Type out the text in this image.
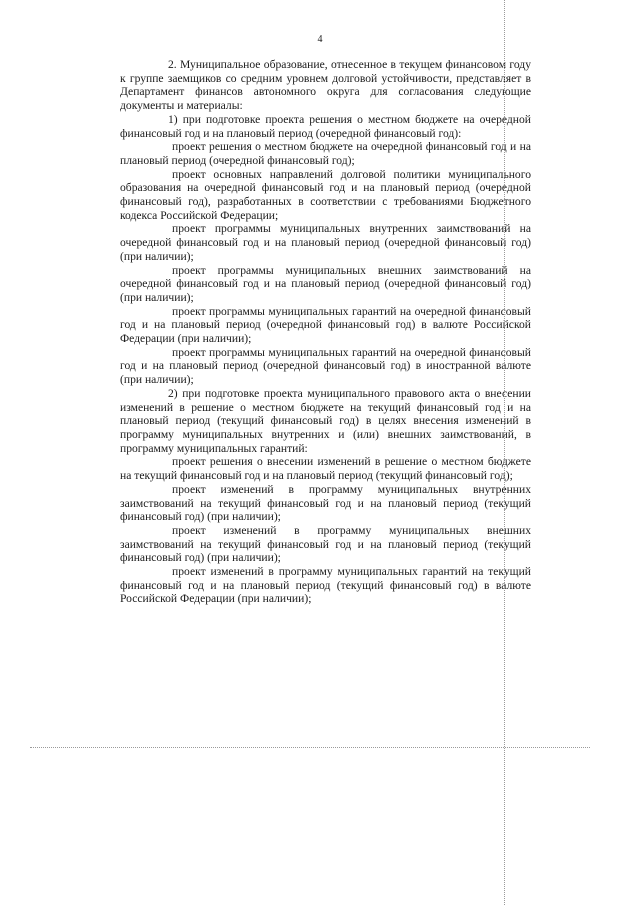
4

2. Муниципальное образование, отнесенное в текущем финансовом году к группе заемщиков со средним уровнем долговой устойчивости, представляет в Департамент финансов автономного округа для согласования следующие документы и материалы:

1) при подготовке проекта решения о местном бюджете на очередной финансовый год и на плановый период (очередной финансовый год):

проект решения о местном бюджете на очередной финансовый год и на плановый период (очередной финансовый год);

проект основных направлений долговой политики муниципального образования на очередной финансовый год и на плановый период (очередной финансовый год), разработанных в соответствии с требованиями Бюджетного кодекса Российской Федерации;

проект программы муниципальных внутренних заимствований на очередной финансовый год и на плановый период (очередной финансовый год) (при наличии);

проект программы муниципальных внешних заимствований на очередной финансовый год и на плановый период (очередной финансовый год) (при наличии);

проект программы муниципальных гарантий на очередной финансовый год и на плановый период (очередной финансовый год) в валюте Российской Федерации (при наличии);

проект программы муниципальных гарантий на очередной финансовый год и на плановый период (очередной финансовый год) в иностранной валюте (при наличии);

2) при подготовке проекта муниципального правового акта о внесении изменений в решение о местном бюджете на текущий финансовый год и на плановый период (текущий финансовый год) в целях внесения изменений в программу муниципальных внутренних и (или) внешних заимствований, в программу муниципальных гарантий:

проект решения о внесении изменений в решение о местном бюджете на текущий финансовый год и на плановый период (текущий финансовый год);

проект изменений в программу муниципальных внутренних заимствований на текущий финансовый год и на плановый период (текущий финансовый год) (при наличии);

проект изменений в программу муниципальных внешних заимствований на текущий финансовый год и на плановый период (текущий финансовый год) (при наличии);

проект изменений в программу муниципальных гарантий на текущий финансовый год и на плановый период (текущий финансовый год) в валюте Российской Федерации (при наличии);
